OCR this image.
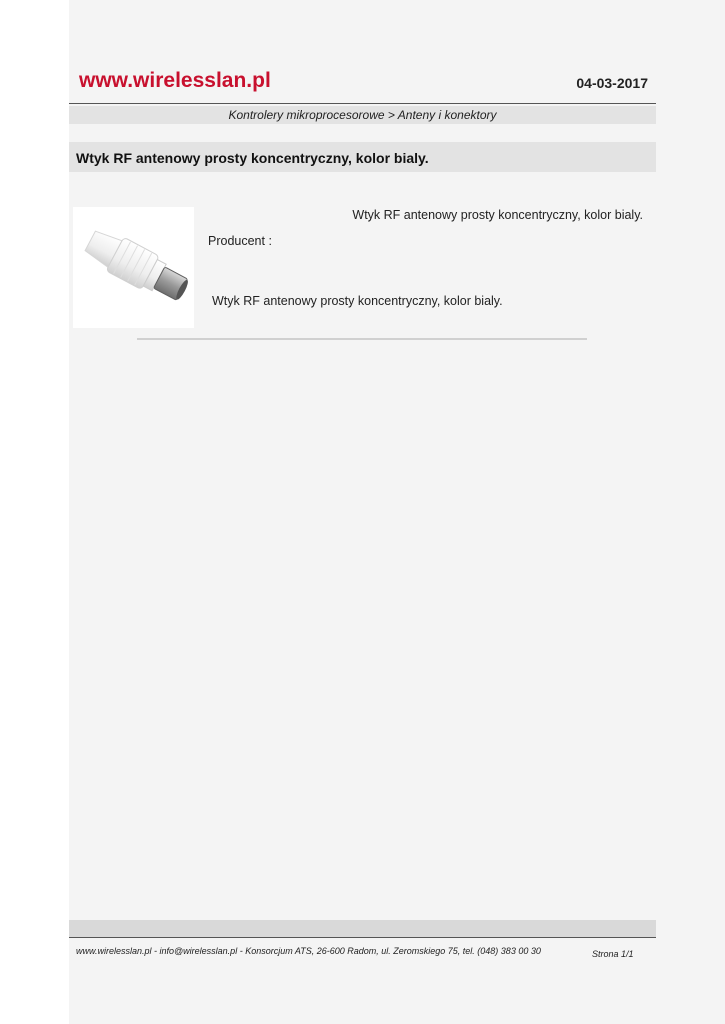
www.wirelesslan.pl	04-03-2017
Kontrolery mikroprocesorowe > Anteny i konektory
Wtyk RF antenowy prosty koncentryczny, kolor bialy.
Wtyk RF antenowy prosty koncentryczny, kolor bialy.
Producent :
Wtyk RF antenowy prosty koncentryczny, kolor bialy.
www.wirelesslan.pl - info@wirelesslan.pl - Konsorcjum ATS, 26-600 Radom, ul. Zeromskiego 75, tel. (048) 383 00 30	Strona 1/1
